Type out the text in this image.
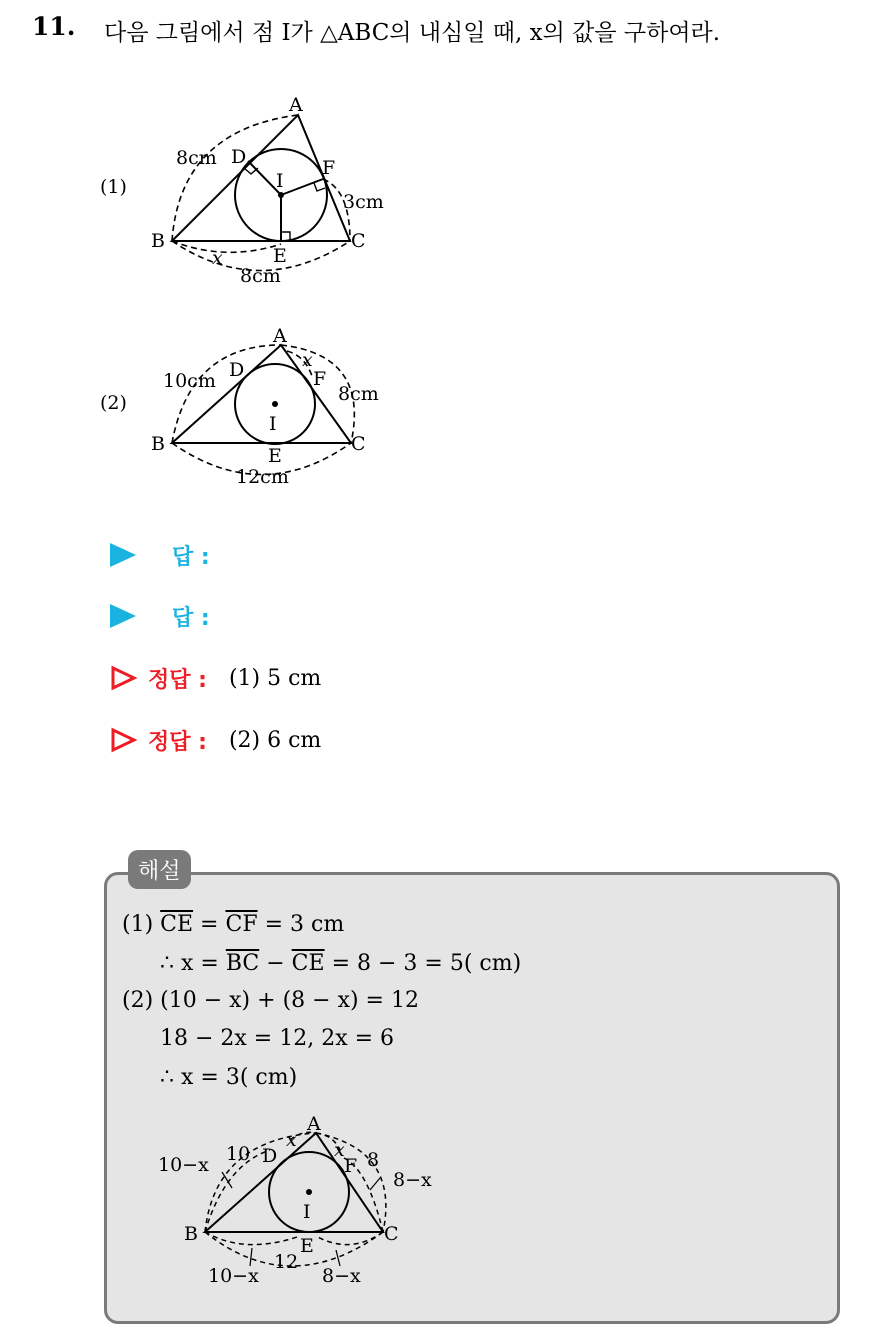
11. 다음 그림에서 점 I가 △ABC의 내심일 때, x의 값을 구하여라.
(1)
A
B	C
D
E
F
I
8cm
3cm
8cm
x
(2)
A
B	C
D
E
F
I
10cm
8cm
12cm
x
답 :
답 :
정답 : (1) 5 cm
정답 : (2) 6 cm
해설
(1) $\overline{CE} = \overline{CF} = 3$ cm
∴ $x = \overline{BC} - \overline{CE} = 8 - 3 = 5$( cm)
(2) (10 − x) + (8 − x) = 12
18 − 2x = 12, 2x = 6
∴ x = 3( cm)
A
B	C
D
E
F
I
10−x 10
x x 8
8−x
12
10−x	8−x
